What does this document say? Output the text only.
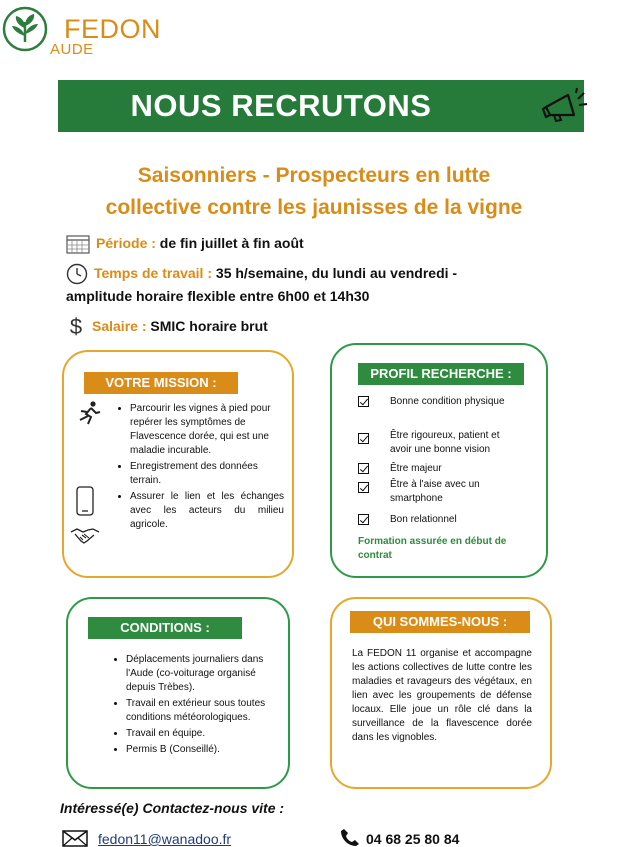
FEDON
AUDE
NOUS RECRUTONS
Saisonniers - Prospecteurs en lutte
collective contre les jaunisses de la vigne
Période : de fin juillet à fin août
Temps de travail : 35 h/semaine, du lundi au vendredi -
amplitude horaire flexible entre 6h00 et 14h30
$ Salaire : SMIC horaire brut
VOTRE MISSION :
• Parcourir les vignes à pied pour repérer les symptômes de Flavescence dorée, qui est une maladie incurable.
• Enregistrement des données terrain.
• Assurer le lien et les échanges avec les acteurs du milieu agricole.
PROFIL RECHERCHE :
Bonne condition physique
Être rigoureux, patient et avoir une bonne vision
Être majeur
Être à l'aise avec un smartphone
Bon relationnel
Formation assurée en début de contrat
CONDITIONS :
• Déplacements journaliers dans l'Aude (co-voiturage organisé depuis Trèbes).
• Travail en extérieur sous toutes conditions météorologiques.
• Travail en équipe.
• Permis B (Conseillé).
QUI SOMMES-NOUS :
La FEDON 11 organise et accompagne les actions collectives de lutte contre les maladies et ravageurs des végétaux, en lien avec les groupements de défense locaux. Elle joue un rôle clé dans la surveillance de la flavescence dorée dans les vignobles.
Intéressé(e) Contactez-nous vite :
fedon11@wanadoo.fr	04 68 25 80 84
